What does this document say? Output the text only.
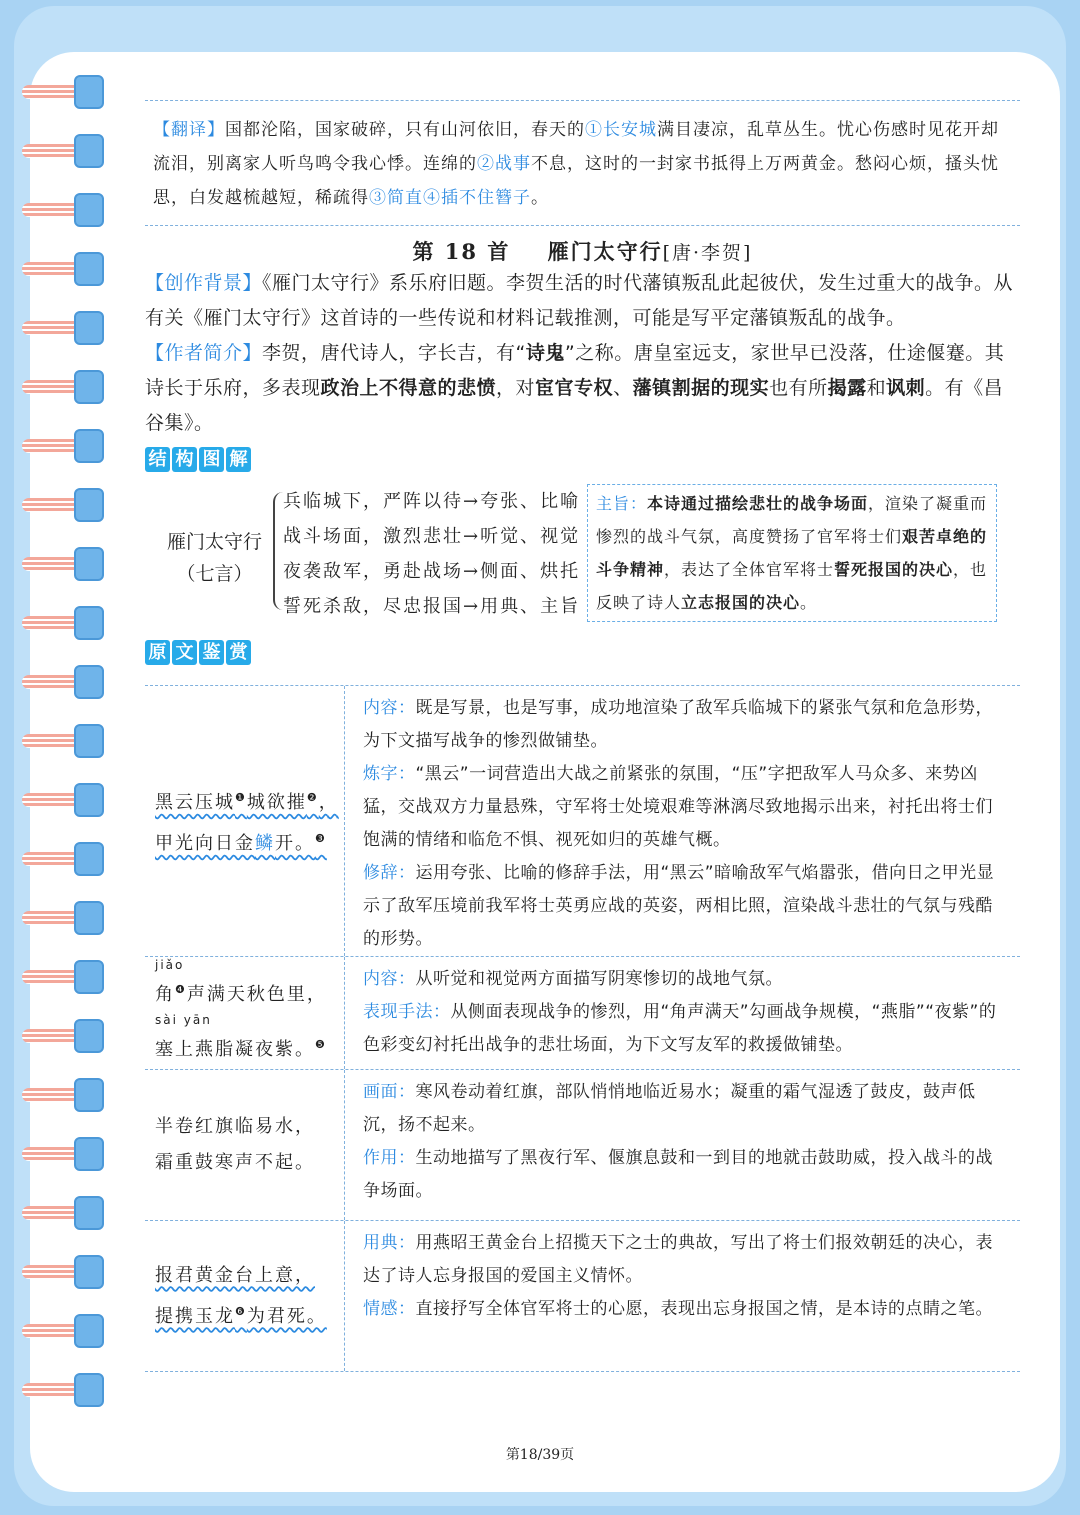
【翻译】国都沦陷，国家破碎，只有山河依旧，春天的①长安城满目凄凉，乱草丛生。忧心伤感时见花开却流泪，别离家人听鸟鸣令我心悸。连绵的②战事不息，这时的一封家书抵得上万两黄金。愁闷心烦，搔头忧思，白发越梳越短，稀疏得③简直④插不住簪子。
第 18 首 雁门太守行[唐·李贺]
【创作背景】《雁门太守行》系乐府旧题。李贺生活的时代藩镇叛乱此起彼伏，发生过重大的战争。从有关《雁门太守行》这首诗的一些传说和材料记载推测，可能是写平定藩镇叛乱的战争。
【作者简介】李贺，唐代诗人，字长吉，有“诗鬼”之称。唐皇室远支，家世早已没落，仕途偃蹇。其诗长于乐府，多表现政治上不得意的悲愤，对宦官专权、藩镇割据的现实也有所揭露和讽刺。有《昌谷集》。
结 构 图 解
雁门太守行
（七言）
兵临城下，严阵以待→夸张、比喻
战斗场面，激烈悲壮→听觉、视觉
夜袭敌军，勇赴战场→侧面、烘托
誓死杀敌，尽忠报国→用典、主旨
主旨：本诗通过描绘悲壮的战争场面，渲染了凝重而惨烈的战斗气氛，高度赞扬了官军将士们艰苦卓绝的斗争精神，表达了全体官军将士誓死报国的决心，也反映了诗人立志报国的决心。
原 文 鉴 赏
黑云压城$^❶$城欲摧$^❷$，
甲光向日金鳞开。$^❸$
内容：既是写景，也是写事，成功地渲染了敌军兵临城下的紧张气氛和危急形势，为下文描写战争的惨烈做铺垫。
炼字：“黑云”一词营造出大战之前紧张的氛围，“压”字把敌军人马众多、来势凶猛，交战双方力量悬殊，守军将士处境艰难等淋漓尽致地揭示出来，衬托出将士们饱满的情绪和临危不惧、视死如归的英雄气概。
修辞：运用夸张、比喻的修辞手法，用“黑云”暗喻敌军气焰嚣张，借向日之甲光显示了敌军压境前我军将士英勇应战的英姿，两相比照，渲染战斗悲壮的气氛与残酷的形势。
jiǎo
角$^❹$声满天秋色里，
sài yān
塞上燕脂凝夜紫。$^❺$
内容：从听觉和视觉两方面描写阴寒惨切的战地气氛。
表现手法：从侧面表现战争的惨烈，用“角声满天”勾画战争规模，“燕脂”“夜紫”的色彩变幻衬托出战争的悲壮场面，为下文写友军的救援做铺垫。
半卷红旗临易水，
霜重鼓寒声不起。
画面：寒风卷动着红旗，部队悄悄地临近易水；凝重的霜气湿透了鼓皮，鼓声低沉，扬不起来。
作用：生动地描写了黑夜行军、偃旗息鼓和一到目的地就击鼓助威，投入战斗的战争场面。
报君黄金台上意，
提携玉龙$^❻$为君死。
用典：用燕昭王黄金台上招揽天下之士的典故，写出了将士们报效朝廷的决心，表达了诗人忘身报国的爱国主义情怀。
情感：直接抒写全体官军将士的心愿，表现出忘身报国之情，是本诗的点睛之笔。
第18/39页
